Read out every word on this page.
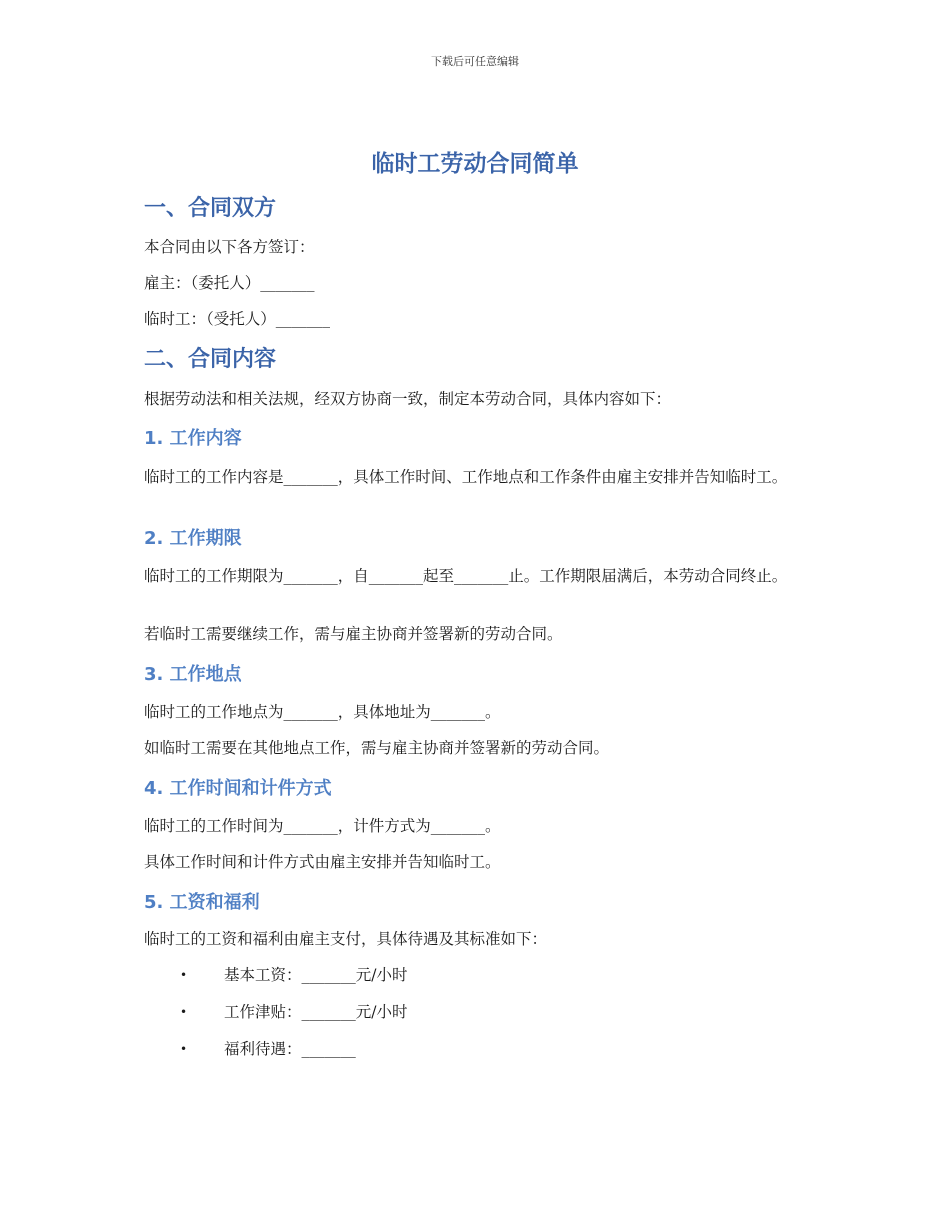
下载后可任意编辑
临时工劳动合同简单
一、合同双方

本合同由以下各方签订：

雇主：（委托人）_______

临时工：（受托人）_______

二、合同内容

根据劳动法和相关法规，经双方协商一致，制定本劳动合同，具体内容如下：

1. 工作内容

临时工的工作内容是_______，具体工作时间、工作地点和工作条件由雇主安排并告知临时工。

2. 工作期限

临时工的工作期限为_______，自_______起至_______止。工作期限届满后，本劳动合同终止。

若临时工需要继续工作，需与雇主协商并签署新的劳动合同。

3. 工作地点

临时工的工作地点为_______，具体地址为_______。

如临时工需要在其他地点工作，需与雇主协商并签署新的劳动合同。

4. 工作时间和计件方式

临时工的工作时间为_______，计件方式为_______。

具体工作时间和计件方式由雇主安排并告知临时工。

5. 工资和福利

临时工的工资和福利由雇主支付，具体待遇及其标准如下：

• 基本工资：_______元/小时
• 工作津贴：_______元/小时
• 福利待遇：_______
